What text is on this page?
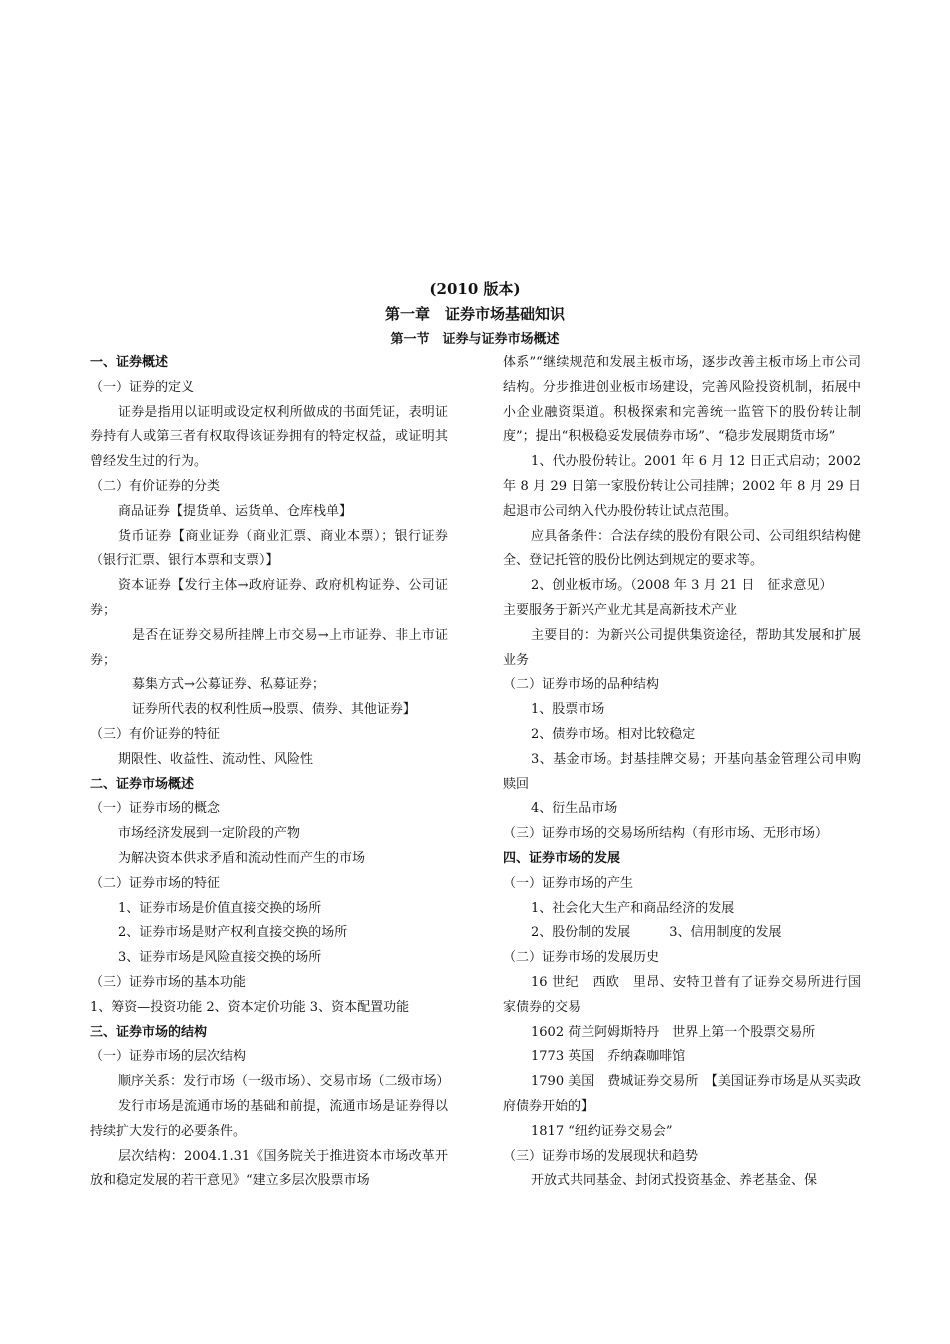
(2010 版本)
第一章　证券市场基础知识
第一节　证券与证券市场概述

一、证券概述

（一）证券的定义

证券是指用以证明或设定权利所做成的书面凭证，表明证券持有人或第三者有权取得该证券拥有的特定权益，或证明其曾经发生过的行为。

（二）有价证券的分类

商品证券【提货单、运货单、仓库栈单】

货币证券【商业证券（商业汇票、商业本票）；银行证券（银行汇票、银行本票和支票）】

资本证券【发行主体→政府证券、政府机构证券、公司证券；

是否在证券交易所挂牌上市交易→上市证券、非上市证券；

募集方式→公募证券、私募证券；

证券所代表的权利性质→股票、债券、其他证券】

（三）有价证券的特征

期限性、收益性、流动性、风险性

二、证券市场概述

（一）证券市场的概念

市场经济发展到一定阶段的产物

为解决资本供求矛盾和流动性而产生的市场

（二）证券市场的特征

1、证券市场是价值直接交换的场所

2、证券市场是财产权利直接交换的场所

3、证券市场是风险直接交换的场所

（三）证券市场的基本功能

1、筹资—投资功能 2、资本定价功能 3、资本配置功能

三、证券市场的结构

（一）证券市场的层次结构

顺序关系：发行市场（一级市场）、交易市场（二级市场）

发行市场是流通市场的基础和前提，流通市场是证券得以持续扩大发行的必要条件。

层次结构：2004.1.31《国务院关于推进资本市场改革开放和稳定发展的若干意见》“建立多层次股票市场

体系”“继续规范和发展主板市场，逐步改善主板市场上市公司结构。分步推进创业板市场建设，完善风险投资机制，拓展中小企业融资渠道。积极探索和完善统一监管下的股份转让制度”；提出“积极稳妥发展债券市场”、“稳步发展期货市场”

1、代办股份转让。2001 年 6 月 12 日正式启动；2002 年 8 月 29 日第一家股份转让公司挂牌；2002 年 8 月 29 日起退市公司纳入代办股份转让试点范围。

应具备条件：合法存续的股份有限公司、公司组织结构健全、登记托管的股份比例达到规定的要求等。

2、创业板市场。（2008 年 3 月 21 日　征求意见）

主要服务于新兴产业尤其是高新技术产业

主要目的：为新兴公司提供集资途径，帮助其发展和扩展业务

（二）证券市场的品种结构

1、股票市场

2、债券市场。相对比较稳定

3、基金市场。封基挂牌交易；开基向基金管理公司申购赎回

4、衍生品市场

（三）证券市场的交易场所结构（有形市场、无形市场）

四、证券市场的发展

（一）证券市场的产生

1、社会化大生产和商品经济的发展

2、股份制的发展　　　3、信用制度的发展

（二）证券市场的发展历史

16 世纪　西欧　里昂、安特卫普有了证券交易所进行国家债券的交易

1602 荷兰阿姆斯特丹　世界上第一个股票交易所

1773 英国　乔纳森咖啡馆

1790 美国　费城证券交易所　【美国证券市场是从买卖政府债券开始的】

1817 “纽约证券交易会”

（三）证券市场的发展现状和趋势

开放式共同基金、封闭式投资基金、养老基金、保
